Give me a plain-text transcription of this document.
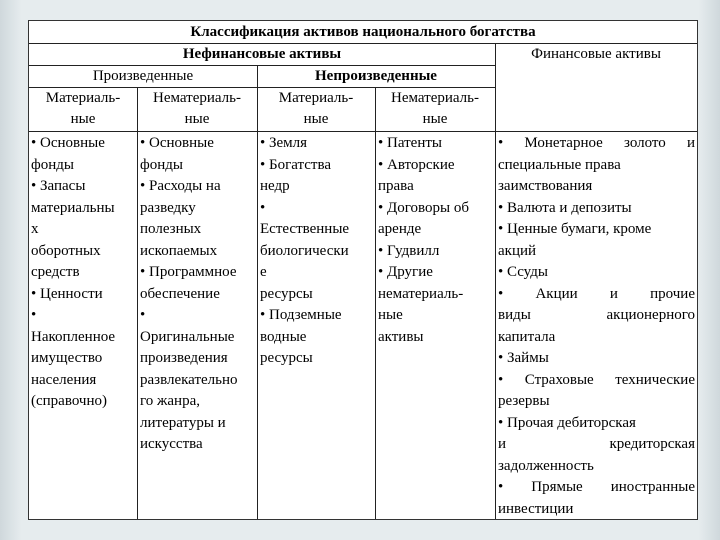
Классификация активов национального богатства
Нефинансовые активы	Финансовые активы
Произведенные	Непроизведенные
Материаль-
ные
Нематериаль-
ные
Материаль-
ные
Нематериаль-
ные
• Основные
фонды
• Запасы
материальны
х
оборотных
средств
• Ценности
•
Накопленное
имущество
населения
(справочно)
• Основные
фонды
• Расходы на
разведку
полезных
ископаемых
• Программное
обеспечение
•
Оригинальные
произведения
развлекательно
го жанра,
литературы и
искусства
• Земля
• Богатства
недр
•
Естественные
биологически
е
ресурсы
• Подземные
водные
ресурсы
• Патенты
• Авторские
права
• Договоры об
аренде
• Гудвилл
• Другие
нематериаль-
ные
активы
• Монетарное золото и
специальные права
заимствования
• Валюта и депозиты
• Ценные бумаги, кроме
акций
• Ссуды
• Акции и прочие
виды акционерного
капитала
• Займы
• Страховые технические
резервы
• Прочая дебиторская
и кредиторская
задолженность
• Прямые иностранные
инвестиции
